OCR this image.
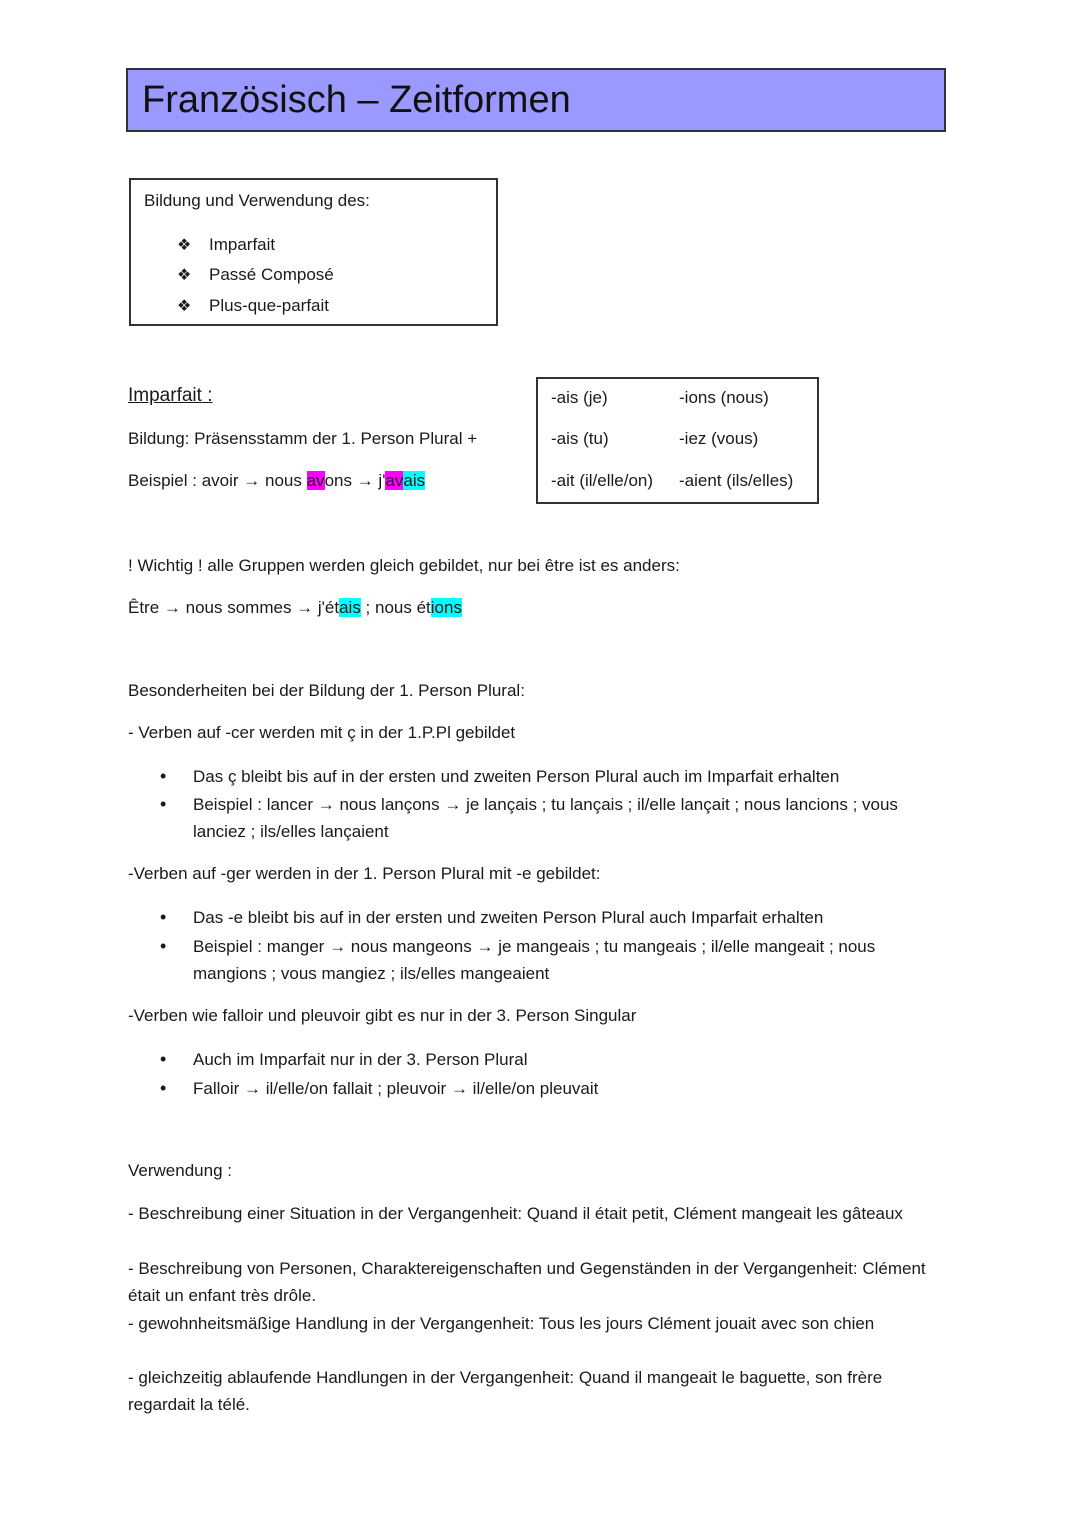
Französisch – Zeitformen
Bildung und Verwendung des:
❖ Imparfait
❖ Passé Composé
❖ Plus-que-parfait
Imparfait :
Bildung: Präsensstamm der 1. Person Plural +
Beispiel : avoir → nous avons → j'avais
-ais (je)	-ions (nous)
-ais (tu)	-iez (vous)
-ait (il/elle/on) -aient (ils/elles)
! Wichtig ! alle Gruppen werden gleich gebildet, nur bei être ist es anders:
Être → nous sommes → j'étais ; nous étions
Besonderheiten bei der Bildung der 1. Person Plural:
- Verben auf -cer werden mit ç in der 1.P.Pl gebildet
• Das ç bleibt bis auf in der ersten und zweiten Person Plural auch im Imparfait erhalten
• Beispiel : lancer → nous lançons → je lançais ; tu lançais ; il/elle lançait ; nous lancions ; vous lanciez ; ils/elles lançaient
-Verben auf -ger werden in der 1. Person Plural mit -e gebildet:
• Das -e bleibt bis auf in der ersten und zweiten Person Plural auch Imparfait erhalten
• Beispiel : manger → nous mangeons → je mangeais ; tu mangeais ; il/elle mangeait ; nous mangions ; vous mangiez ; ils/elles mangeaient
-Verben wie falloir und pleuvoir gibt es nur in der 3. Person Singular
• Auch im Imparfait nur in der 3. Person Plural
• Falloir → il/elle/on fallait ; pleuvoir → il/elle/on pleuvait
Verwendung :
- Beschreibung einer Situation in der Vergangenheit: Quand il était petit, Clément mangeait les gâteaux
- Beschreibung von Personen, Charaktereigenschaften und Gegenständen in der Vergangenheit: Clément était un enfant très drôle.
- gewohnheitsmäßige Handlung in der Vergangenheit: Tous les jours Clément jouait avec son chien
- gleichzeitig ablaufende Handlungen in der Vergangenheit: Quand il mangeait le baguette, son frère regardait la télé.
